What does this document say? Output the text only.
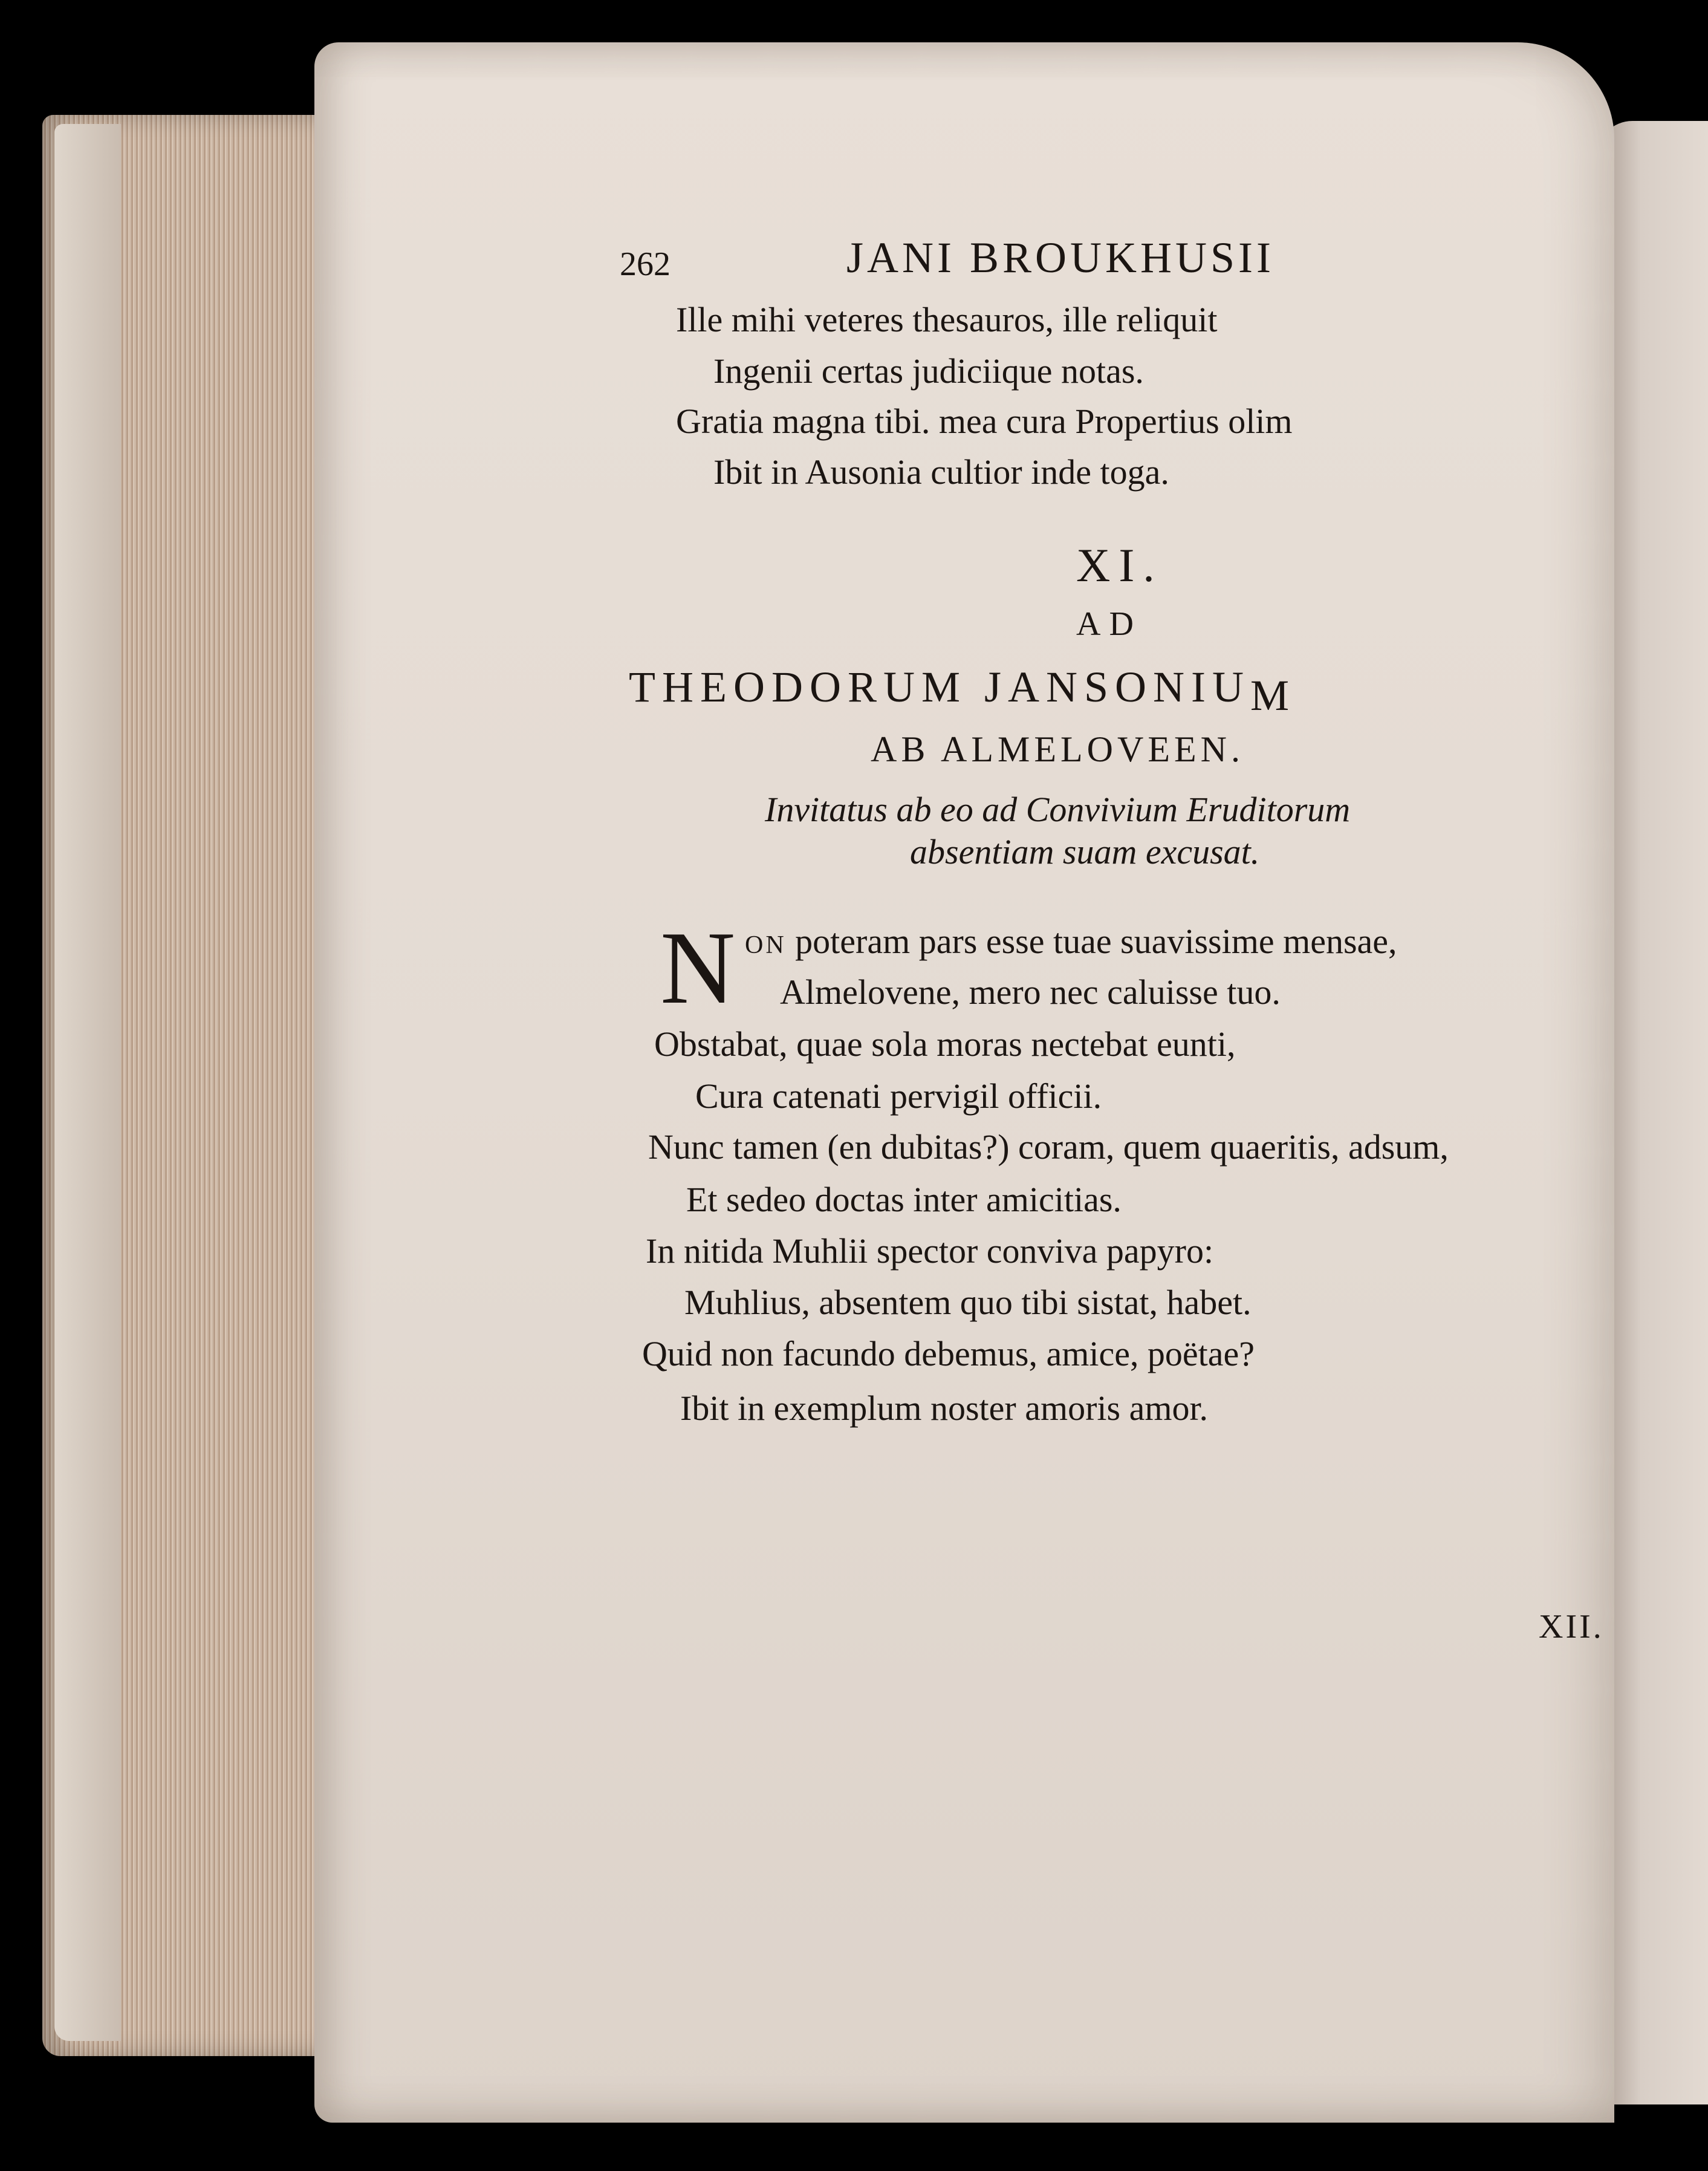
262	JANI BROUKHUSII
Ille mihi veteres thesauros, ille reliquit
Ingenii certas judiciique notas.
Gratia magna tibi. mea cura Propertius olim
Ibit in Ausonia cultior inde toga.
XI.
AD
THEODORUM JANSONIUM
AB ALMELOVEEN.
Invitatus ab eo ad Convivium Eruditorum
absentiam suam excusat.
N ON poteram pars esse tuae suavissime mensae,
Almelovene, mero nec caluisse tuo.
Obstabat, quae sola moras nectebat eunti,
Cura catenati pervigil officii.
Nunc tamen (en dubitas?) coram, quem quaeritis, adsum,
Et sedeo doctas inter amicitias.
In nitida Muhlii spector conviva papyro:
Muhlius, absentem quo tibi sistat, habet.
Quid non facundo debemus, amice, poëtae?
Ibit in exemplum noster amoris amor.
XII.
